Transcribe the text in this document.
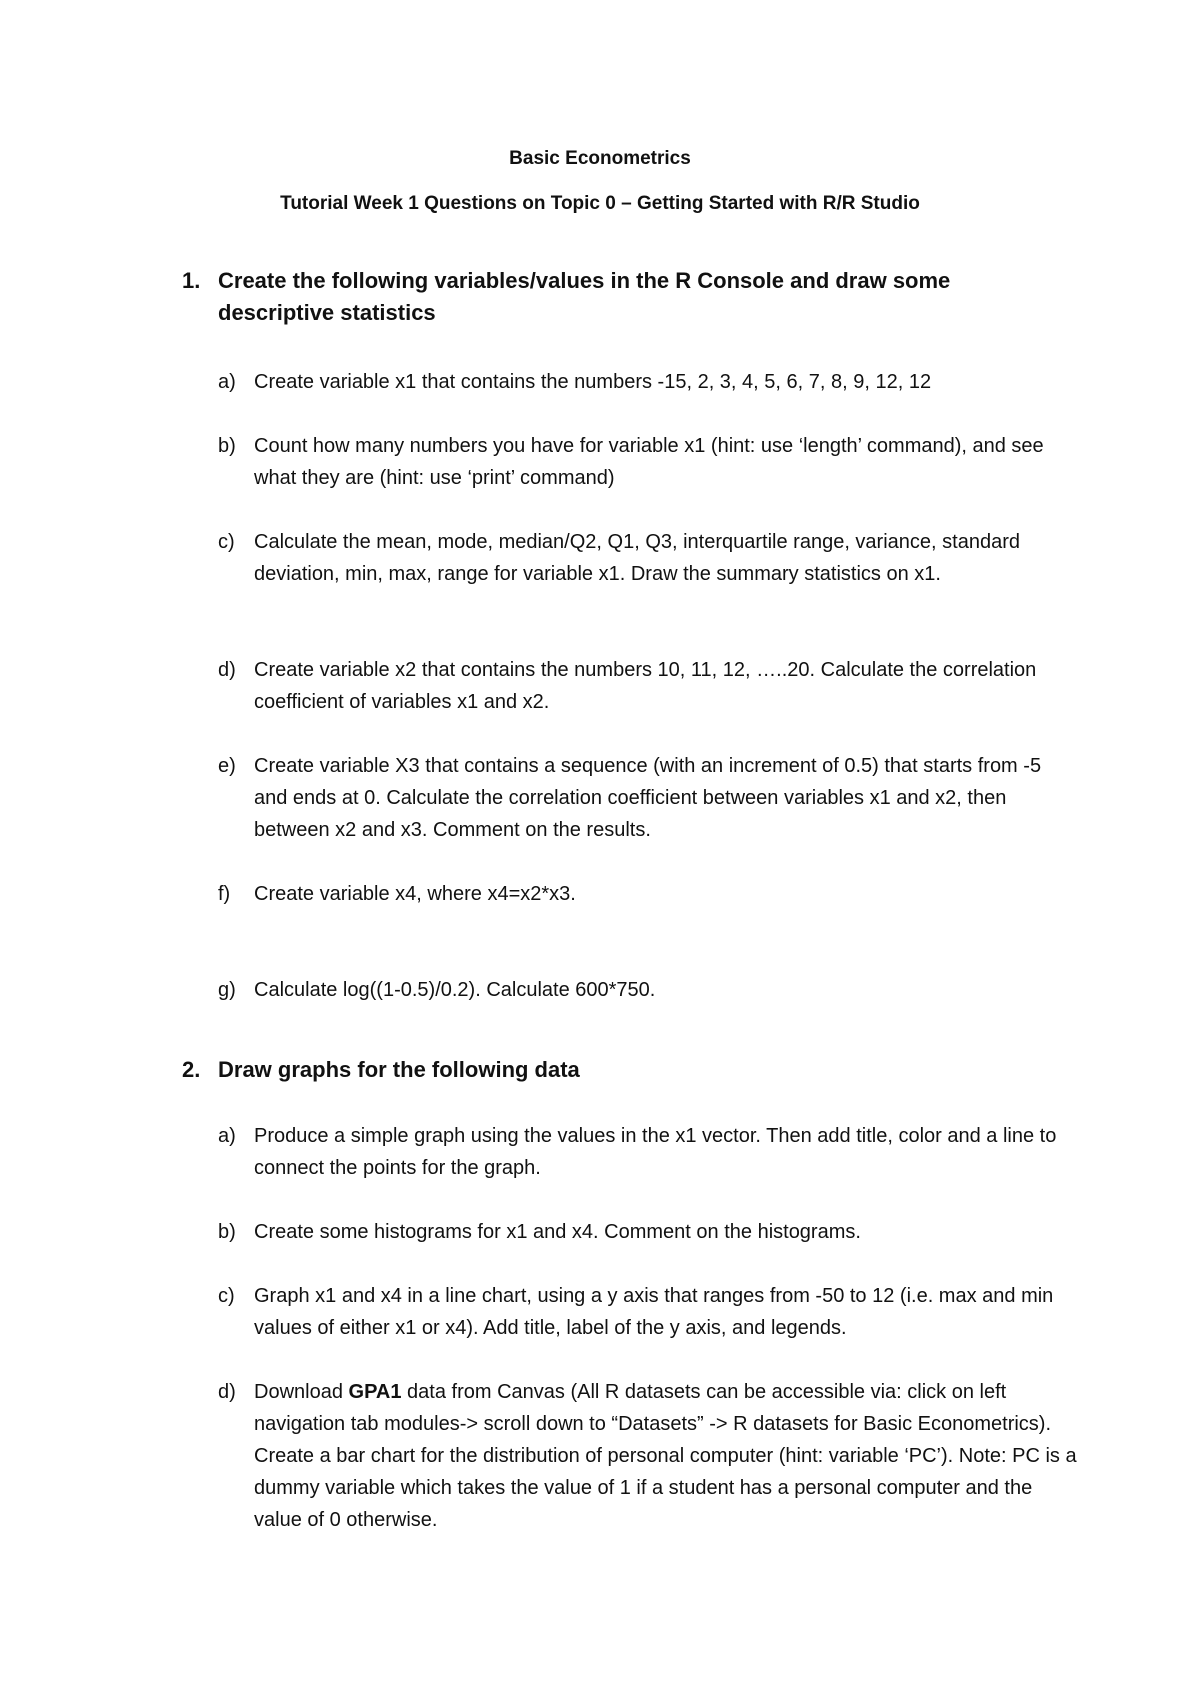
Basic Econometrics
Tutorial Week 1 Questions on Topic 0 – Getting Started with R/R Studio
1. Create the following variables/values in the R Console and draw some descriptive statistics
a) Create variable x1 that contains the numbers -15, 2, 3, 4, 5, 6, 7, 8, 9, 12, 12
b) Count how many numbers you have for variable x1 (hint: use ‘length’ command), and see what they are (hint: use ‘print’ command)
c) Calculate the mean, mode, median/Q2, Q1, Q3, interquartile range, variance, standard deviation, min, max, range for variable x1. Draw the summary statistics on x1.
d) Create variable x2 that contains the numbers 10, 11, 12, …..20. Calculate the correlation coefficient of variables x1 and x2.
e) Create variable X3 that contains a sequence (with an increment of 0.5) that starts from -5 and ends at 0. Calculate the correlation coefficient between variables x1 and x2, then between x2 and x3. Comment on the results.
f) Create variable x4, where x4=x2*x3.
g) Calculate log((1-0.5)/0.2). Calculate 600*750.
2. Draw graphs for the following data
a) Produce a simple graph using the values in the x1 vector. Then add title, color and a line to connect the points for the graph.
b) Create some histograms for x1 and x4. Comment on the histograms.
c) Graph x1 and x4 in a line chart, using a y axis that ranges from -50 to 12 (i.e. max and min values of either x1 or x4). Add title, label of the y axis, and legends.
d) Download GPA1 data from Canvas (All R datasets can be accessible via: click on left navigation tab modules-> scroll down to “Datasets” -> R datasets for Basic Econometrics). Create a bar chart for the distribution of personal computer (hint: variable ‘PC’). Note: PC is a dummy variable which takes the value of 1 if a student has a personal computer and the value of 0 otherwise.
